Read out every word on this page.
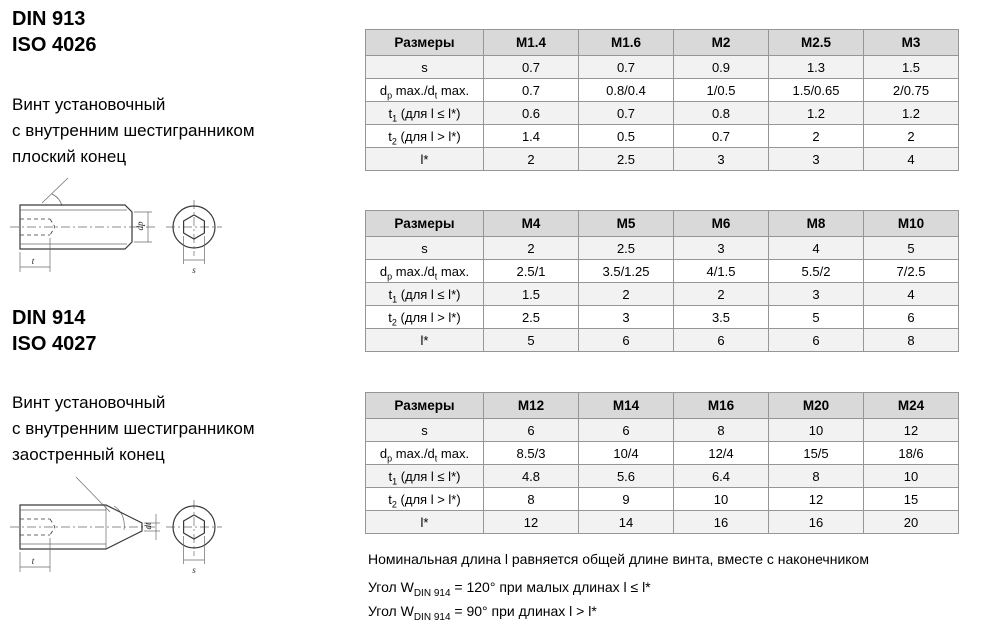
DIN 913
ISO 4026
Винт установочный
с внутренним шестигранником
плоский конец
t
dp
s
DIN 914
ISO 4027
Винт установочный
с внутренним шестигранником
заостренный конец
t
dt
s
Размеры	M1.4	M1.6	M2	M2.5	M3
s	0.7	0.7	0.9	1.3	1.5
$d_p$ $\max./d_t$ max.	0.7	0.8/0.4	1/0.5	1.5/0.65	2/0.75
$t_1$ (для l ≤ l*)	0.6	0.7	0.8	1.2	1.2
$t_2$ (для l > l*)	1.4	0.5	0.7	2	2
l*	2	2.5	3	3	4
Размеры	M4	M5	M6	M8	M10
s	2	2.5	3	4	5
$d_p$ $\max./d_t$ max.	2.5/1	3.5/1.25	4/1.5	5.5/2	7/2.5
$t_1$ (для l ≤ l*)	1.5	2	2	3	4
$t_2$ (для l > l*)	2.5	3	3.5	5	6
l*	5	6	6	6	8
Размеры	M12	M14	M16	M20	M24
s	6	6	8	10	12
$d_p$ $\max./d_t$ max.	8.5/3	10/4	12/4	15/5	18/6
$t_1$ (для l ≤ l*)	4.8	5.6	6.4	8	10
$t_2$ (для l > l*)	8	9	10	12	15
l*	12	14	16	16	20
Номинальная длина l равняется общей длине винта, вместе с наконечником
Угол $W_{DIN 914} = 120^\circ$ при малых длинах l ≤ l*
Угол $W_{DIN 914} = 90^\circ$ при длинах l > l*
